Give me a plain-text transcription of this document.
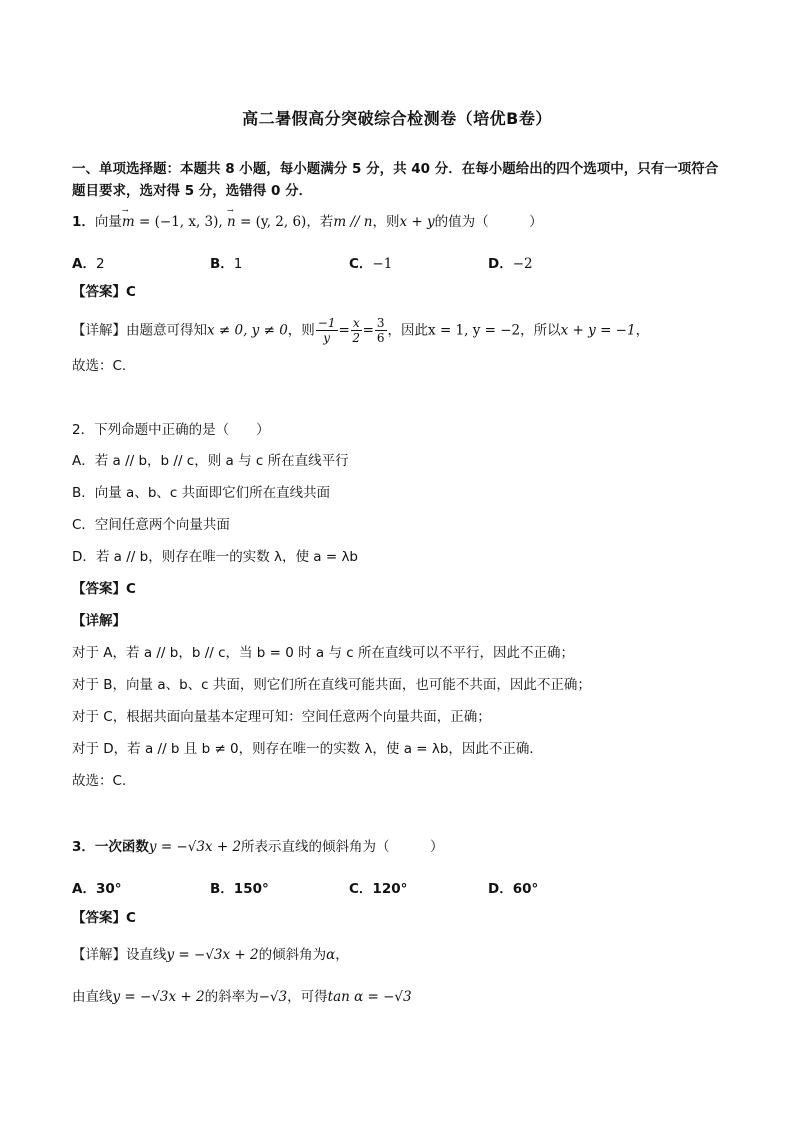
高二暑假高分突破综合检测卷（培优B卷）
一、单项选择题：本题共 8 小题，每小题满分 5 分，共 40 分．在每小题给出的四个选项中，只有一项符合
题目要求，选对得 5 分，选错得 0 分．
1．向量→ m = (−1, x, 3), → n = (y, 2, 6)，若m // n，则x + y的值为（　　　）
A．2	B．1	C．−1	D．−2
【答案】C
【详解】由题意可得知x ≠ 0, y ≠ 0，则 $\frac{-1}{y} = \frac{x}{2} = \frac{3}{6}$ ，因此x = 1, y = −2，所以x + y = −1，
故选：C.
2．下列命题中正确的是（　　）
A．若 a // b，b // c，则 a 与 c 所在直线平行
B．向量 a、b、c 共面即它们所在直线共面
C．空间任意两个向量共面
D．若 a // b，则存在唯一的实数 λ，使 a = λb
【答案】C
【详解】
对于 A，若 a // b，b // c，当 b = 0 时 a 与 c 所在直线可以不平行，因此不正确；
对于 B，向量 a、b、c 共面，则它们所在直线可能共面，也可能不共面，因此不正确；
对于 C，根据共面向量基本定理可知：空间任意两个向量共面，正确；
对于 D，若 a // b 且 b ≠ 0，则存在唯一的实数 λ，使 a = λb，因此不正确．
故选：C.
3．一次函数y = −√3x + 2所表示直线的倾斜角为（　　　）
A．30°	B．150°	C．120°	D．60°
【答案】C
【详解】设直线y = −√3x + 2的倾斜角为α，
由直线y = −√3x + 2的斜率为−√3，可得tan α = −√3
